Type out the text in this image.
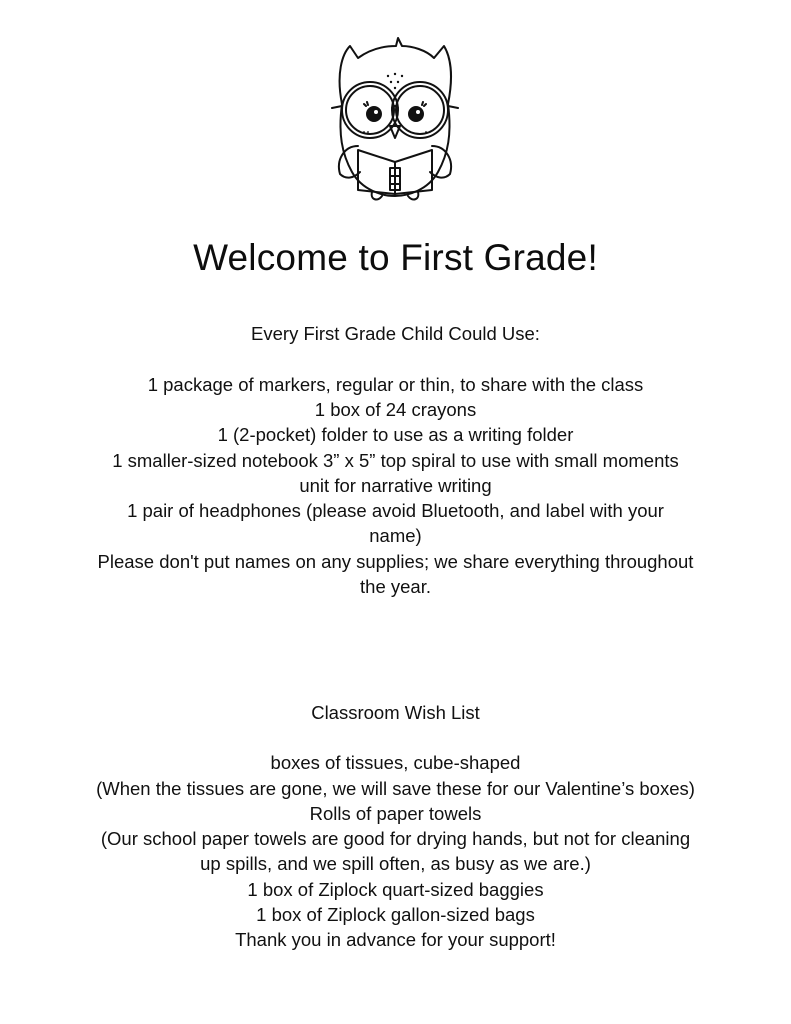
Welcome to First Grade!
Every First Grade Child Could Use:
1 package of markers, regular or thin, to share with the class
1 box of 24 crayons
1 (2-pocket) folder to use as a writing folder
1 smaller-sized notebook 3” x 5” top spiral to use with small moments
unit for narrative writing
1 pair of headphones (please avoid Bluetooth, and label with your
name)
Please don't put names on any supplies; we share everything throughout
the year.
Classroom Wish List
boxes of tissues, cube-shaped
(When the tissues are gone, we will save these for our Valentine’s boxes)
Rolls of paper towels
(Our school paper towels are good for drying hands, but not for cleaning
up spills, and we spill often, as busy as we are.)
1 box of Ziplock quart-sized baggies
1 box of Ziplock gallon-sized bags
Thank you in advance for your support!
